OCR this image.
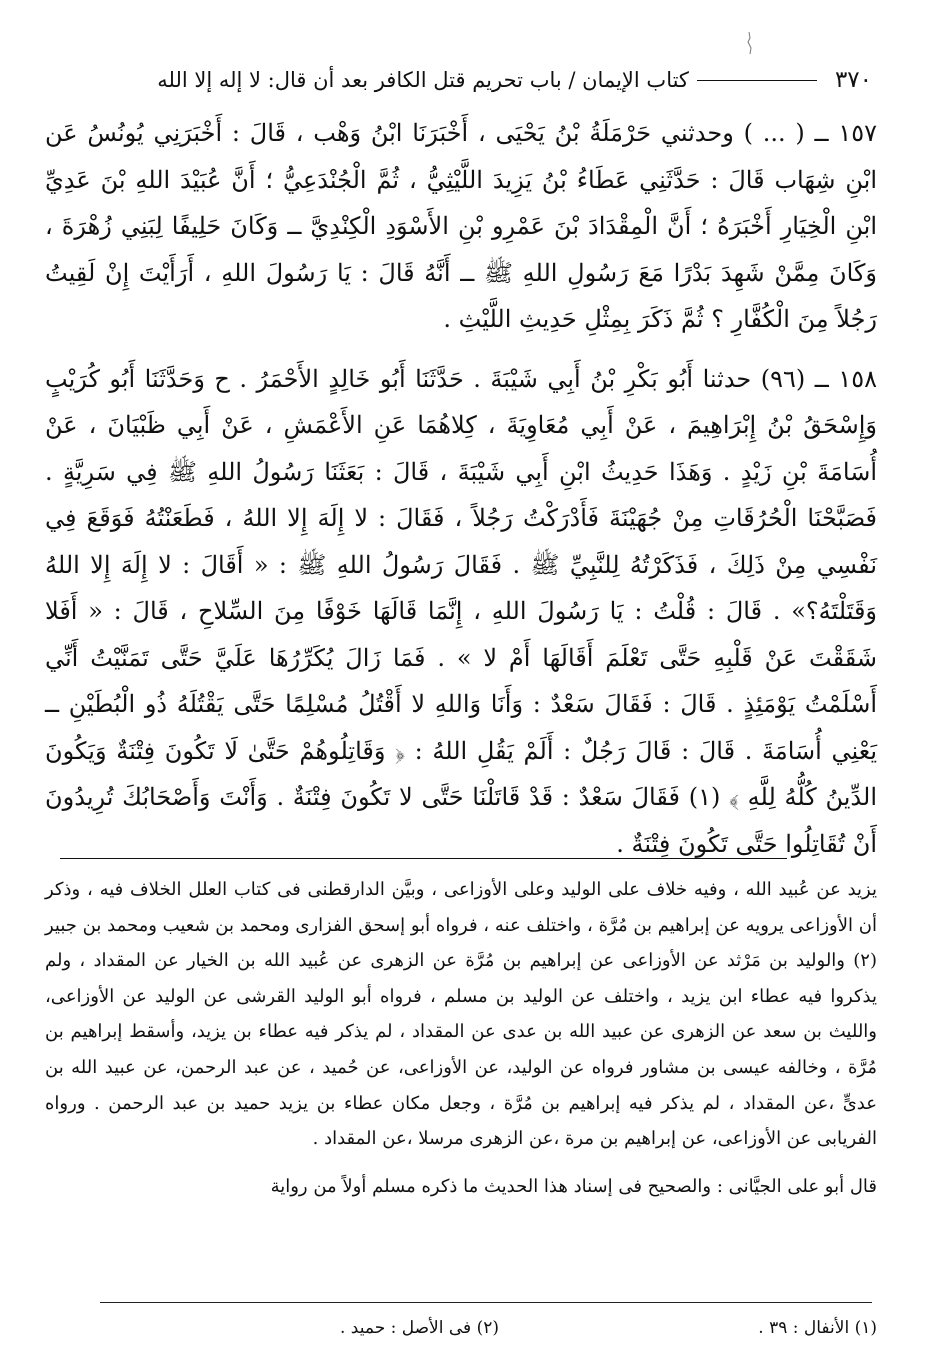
٣٧٠
كتاب الإيمان / باب تحريم قتل الكافر بعد أن قال: لا إله إلا الله

١٥٧ ــ ( ... ) وحدثني حَرْمَلَةُ بْنُ يَحْيَى ، أَخْبَرَنَا ابْنُ وَهْب ، قَالَ : أَخْبَرَنِي يُونُسُ عَن ابْنِ شِهَاب قَالَ : حَدَّثَنِي عَطَاءُ بْنُ يَزِيدَ اللَّيْثِيُّ ، ثُمَّ الْجُنْدَعِيُّ ؛ أَنَّ عُبَيْدَ اللهِ بْنَ عَدِيِّ ابْنِ الْخِيَارِ أَخْبَرَهُ ؛ أَنَّ الْمِقْدَادَ بْنَ عَمْرِو بْنِ الأَسْوَدِ الْكِنْدِيَّ ــ وَكَانَ حَلِيفًا لِبَنِي زُهْرَةَ ، وَكَانَ مِمَّنْ شَهِدَ بَدْرًا مَعَ رَسُولِ اللهِ ﷺ ــ أَنَّهُ قَالَ : يَا رَسُولَ اللهِ ، أَرَأَيْتَ إِنْ لَقِيتُ رَجُلاً مِنَ الْكُفَّارِ ؟ ثُمَّ ذَكَرَ بِمِثْلِ حَدِيثِ اللَّيْثِ .

١٥٨ ــ (٩٦) حدثنا أَبُو بَكْرِ بْنُ أَبِي شَيْبَةَ . حَدَّثَنَا أَبُو خَالِدٍ الأَحْمَرُ . ح وَحَدَّثَنَا أَبُو كُرَيْبٍ وَإِسْحَقُ بْنُ إِبْرَاهِيمَ ، عَنْ أَبِي مُعَاوِيَةَ ، كِلاهُمَا عَنِ الأَعْمَشِ ، عَنْ أَبِي ظَبْيَانَ ، عَنْ أُسَامَةَ بْنِ زَيْدٍ . وَهَذَا حَدِيثُ ابْنِ أَبِي شَيْبَةَ ، قَالَ : بَعَثَنَا رَسُولُ اللهِ ﷺ فِي سَرِيَّةٍ . فَصَبَّحْنَا الْحُرُقَاتِ مِنْ جُهَيْنَةَ فَأَدْرَكْتُ رَجُلاً ، فَقَالَ : لا إِلَهَ إِلا اللهُ ، فَطَعَنْتُهُ فَوَقَعَ فِي نَفْسِي مِنْ ذَلِكَ ، فَذَكَرْتُهُ لِلنَّبِيِّ ﷺ . فَقَالَ رَسُولُ اللهِ ﷺ : « أَقَالَ : لا إِلَهَ إِلا اللهُ وَقَتَلْتَهُ؟» . قَالَ : قُلْتُ : يَا رَسُولَ اللهِ ، إِنَّمَا قَالَهَا خَوْفًا مِنَ السِّلاحِ ، قَالَ : « أَفَلا شَقَقْتَ عَنْ قَلْبِهِ حَتَّى تَعْلَمَ أَقَالَهَا أَمْ لا » . فَمَا زَالَ يُكَرِّرُهَا عَلَيَّ حَتَّى تَمَنَّيْتُ أَنِّي أَسْلَمْتُ يَوْمَئِذٍ . قَالَ : فَقَالَ سَعْدٌ : وَأَنَا وَاللهِ لا أَقْتُلُ مُسْلِمًا حَتَّى يَقْتُلَهُ ذُو الْبُطَيْنِ ــ يَعْنِي أُسَامَةَ . قَالَ : قَالَ رَجُلٌ : أَلَمْ يَقُلِ اللهُ : ﴿ وَقَاتِلُوهُمْ حَتَّىٰ لَا تَكُونَ فِتْنَةٌ وَيَكُونَ الدِّينُ كُلُّهُ لِلَّهِ ﴾ (١) فَقَالَ سَعْدٌ : قَدْ قَاتَلْنَا حَتَّى لا تَكُونَ فِتْنَةٌ . وَأَنْتَ وَأَصْحَابُكَ تُرِيدُونَ أَنْ تُقَاتِلُوا حَتَّى تَكُونَ فِتْنَةٌ .

يزيد عن عُبيد الله ، وفيه خلاف على الوليد وعلى الأوزاعى ، وبيَّن الدارقطنى فى كتاب العلل الخلاف فيه ، وذكر أن الأوزاعى يرويه عن إبراهيم بن مُرَّة ، واختلف عنه ، فرواه أبو إسحق الفزارى ومحمد بن شعيب ومحمد بن جبير (٢) والوليد بن مَرْثد عن الأوزاعى عن إبراهيم بن مُرَّة عن الزهرى عن عُبيد الله بن الخيار عن المقداد ، ولم يذكروا فيه عطاء ابن يزيد ، واختلف عن الوليد بن مسلم ، فرواه أبو الوليد القرشى عن الوليد عن الأوزاعى، والليث بن سعد عن الزهرى عن عبيد الله بن عدى عن المقداد ، لم يذكر فيه عطاء بن يزيد، وأسقط إبراهيم بن مُرَّة ، وخالفه عيسى بن مشاور فرواه عن الوليد، عن الأوزاعى، عن حُميد ، عن عبد الرحمن، عن عبيد الله بن عدىٍّ ،عن المقداد ، لم يذكر فيه إبراهيم بن مُرَّة ، وجعل مكان عطاء بن يزيد حميد بن عبد الرحمن . ورواه الفريابى عن الأوزاعى، عن إبراهيم بن مرة ،عن الزهرى مرسلا ،عن المقداد .

قال أبو على الجيَّانى : والصحيح فى إسناد هذا الحديث ما ذكره مسلم أولاً من رواية

(١) الأنفال : ٣٩ .
(٢) فى الأصل : حميد .
